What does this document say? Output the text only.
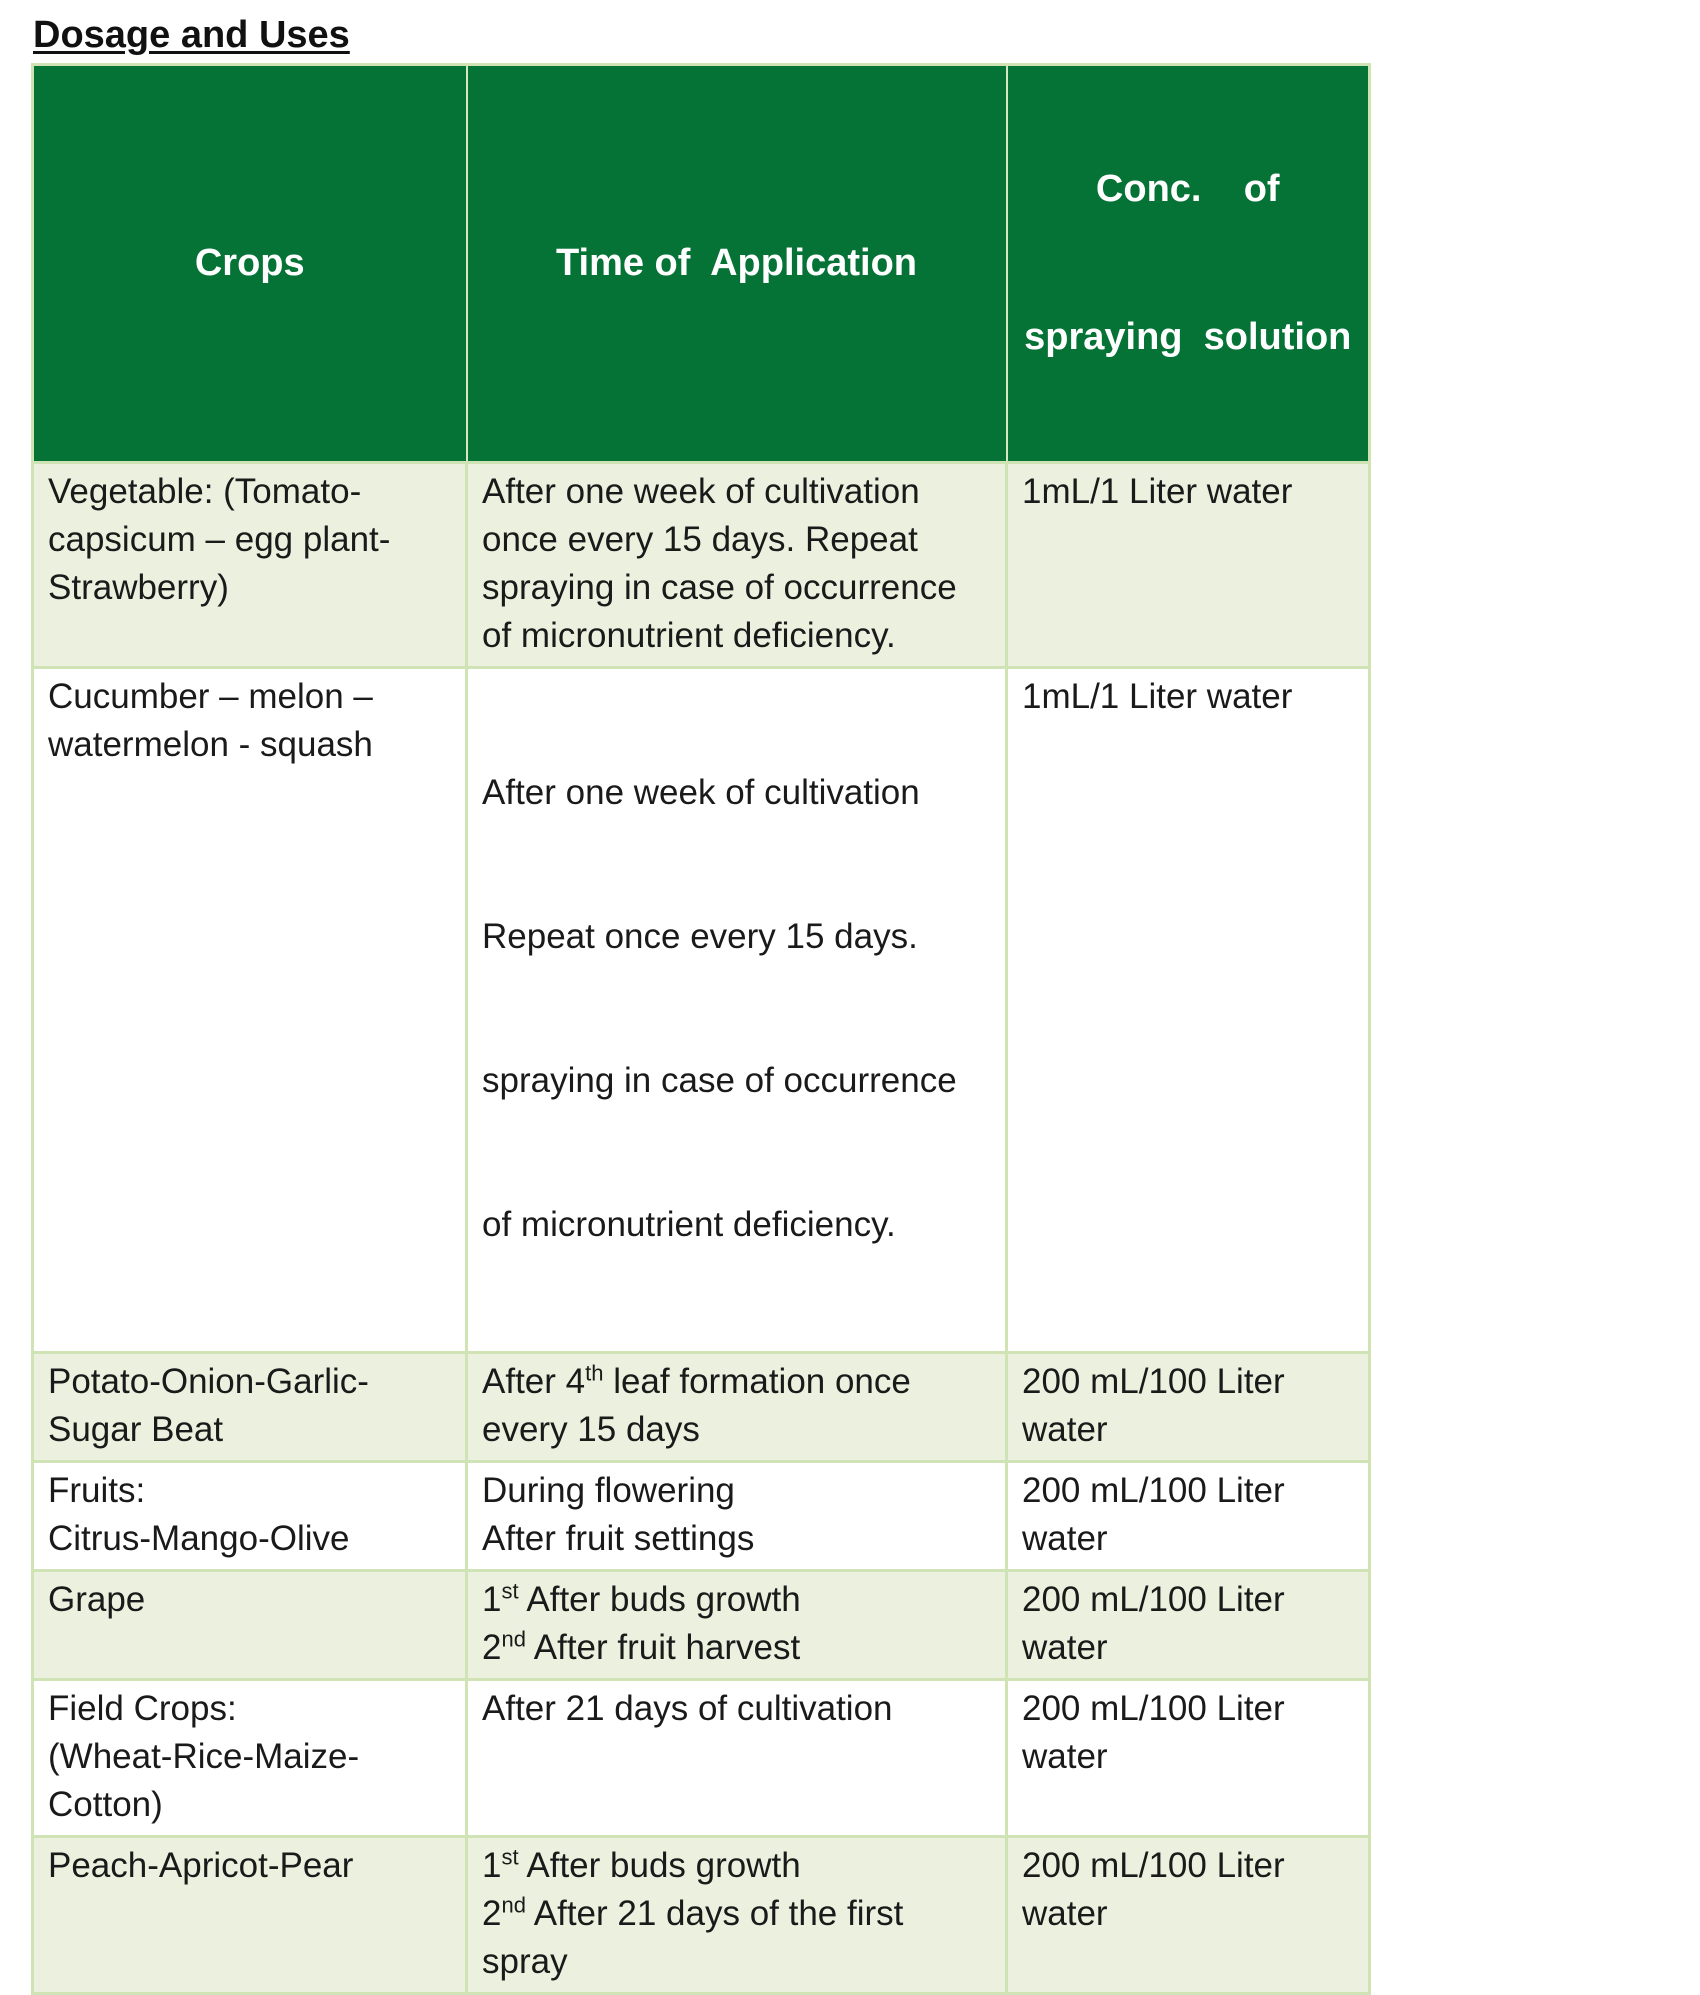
Dosage and Uses
Crops	Time of  Application	Conc.    of

spraying  solution

Vegetable: (Tomato-
capsicum – egg plant-
Strawberry)	After one week of cultivation
once every 15 days. Repeat
spraying in case of occurrence
of micronutrient deficiency.	1mL/1 Liter water

Cucumber – melon –
watermelon - squash	After one week of cultivation

Repeat once every 15 days.

spraying in case of occurrence

of micronutrient deficiency.	1mL/1 Liter water

Potato-Onion-Garlic-
Sugar Beat	After 4th leaf formation once
every 15 days	200 mL/100 Liter
water

Fruits:
Citrus-Mango-Olive	During flowering
After fruit settings	200 mL/100 Liter
water

Grape	1st After buds growth
2nd After fruit harvest	200 mL/100 Liter
water

Field Crops:
(Wheat-Rice-Maize-
Cotton)	After 21 days of cultivation	200 mL/100 Liter
water

Peach-Apricot-Pear	1st After buds growth
2nd After 21 days of the first
spray	200 mL/100 Liter
water
